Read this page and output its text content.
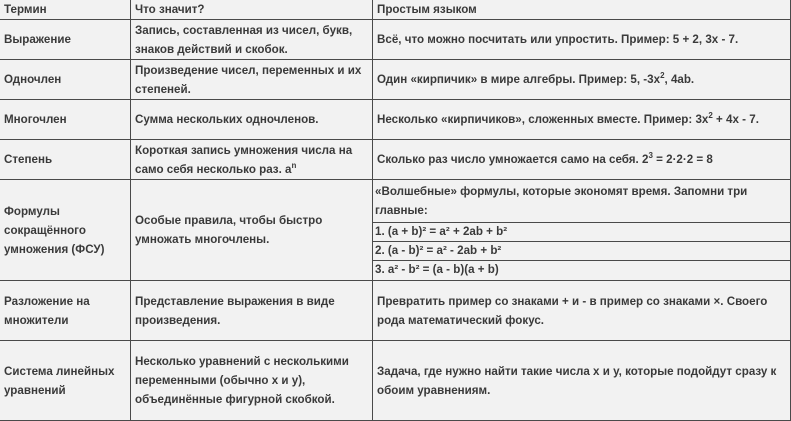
Термин	Что значит?	Простым языком
Выражение	Запись, составленная из чисел, букв, знаков действий и скобок.	Всё, что можно посчитать или упростить. Пример: 5 + 2, 3x - 7.
Одночлен	Произведение чисел, переменных и их степеней.	Один «кирпичик» в мире алгебры. Пример: 5, $-3x^2$, 4ab.
Многочлен	Сумма нескольких одночленов.	Несколько «кирпичиков», сложенных вместе. Пример: $3x^2 + 4x - 7$.
Степень	Короткая запись умножения числа на само себя несколько раз. $a^n$	Сколько раз число умножается само на себя. $2^3 = 2\cdot 2\cdot 2 = 8$
Формулы сокращённого умножения (ФСУ)	Особые правила, чтобы быстро умножать многочлены.	«Волшебные» формулы, которые экономят время. Запомни три главные:
1. (a + b)² = a² + 2ab + b²
2. (a - b)² = a² - 2ab + b²
3. a² - b² = (a - b)(a + b)

Разложение на множители	Представление выражения в виде произведения.	Превратить пример со знаками + и - в пример со знаками ×. Своего рода математический фокус.
Система линейных уравнений	Несколько уравнений с несколькими переменными (обычно x и y), объединённые фигурной скобкой.	Задача, где нужно найти такие числа x и y, которые подойдут сразу к обоим уравнениям.
